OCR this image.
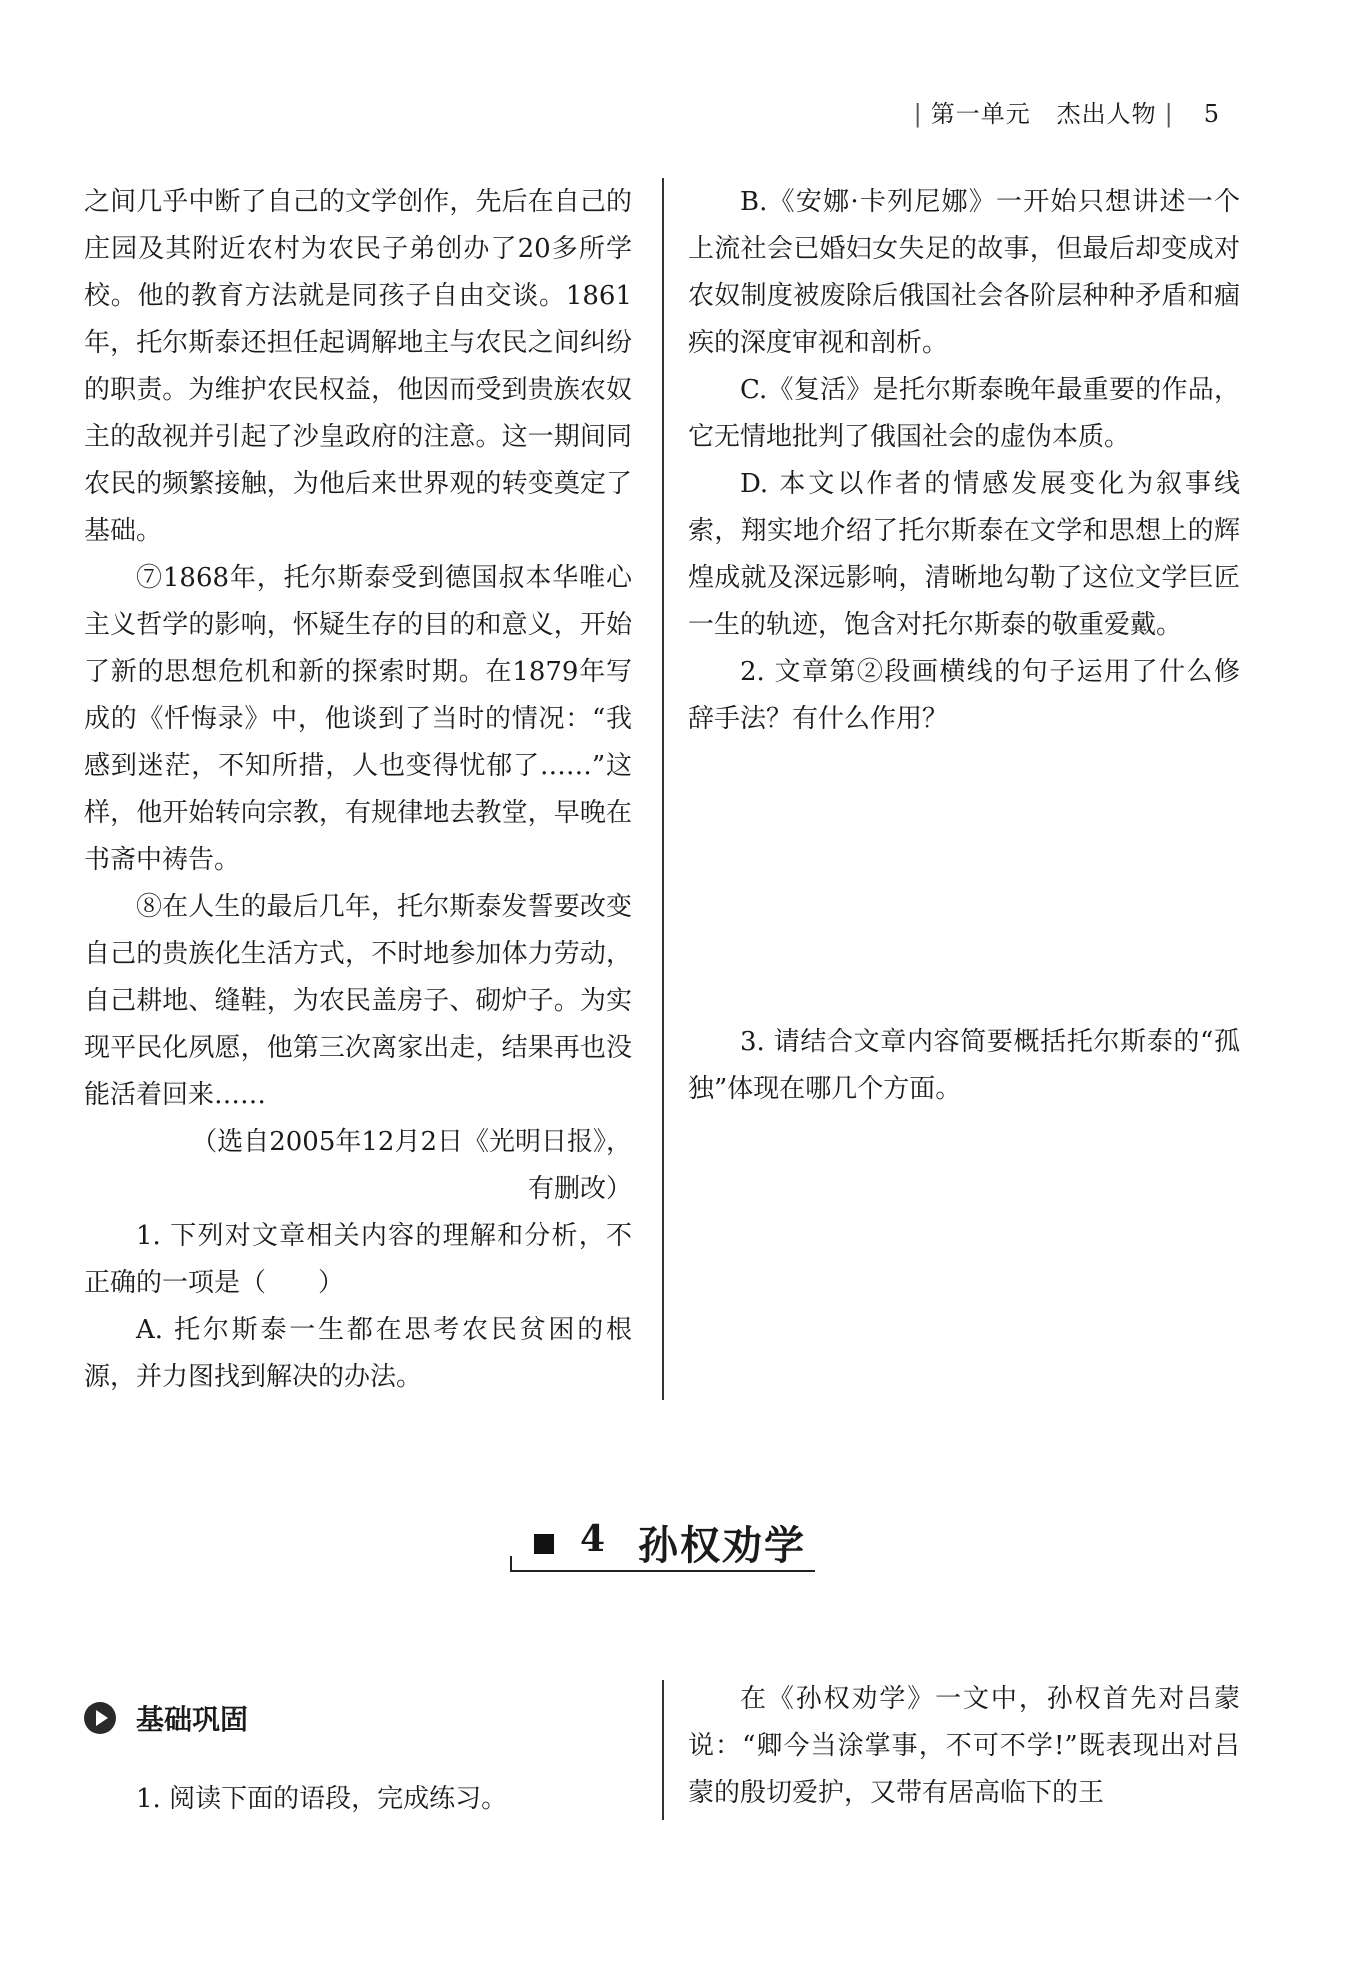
| 第一单元 杰出人物 | 5

之间几乎中断了自己的文学创作，先后在自己的庄园及其附近农村为农民子弟创办了20多所学校。他的教育方法就是同孩子自由交谈。1861年，托尔斯泰还担任起调解地主与农民之间纠纷的职责。为维护农民权益，他因而受到贵族农奴主的敌视并引起了沙皇政府的注意。这一期间同农民的频繁接触，为他后来世界观的转变奠定了基础。

⑦1868年，托尔斯泰受到德国叔本华唯心主义哲学的影响，怀疑生存的目的和意义，开始了新的思想危机和新的探索时期。在1879年写成的《忏悔录》中，他谈到了当时的情况：“我感到迷茫，不知所措，人也变得忧郁了……”这样，他开始转向宗教，有规律地去教堂，早晚在书斋中祷告。

⑧在人生的最后几年，托尔斯泰发誓要改变自己的贵族化生活方式，不时地参加体力劳动，自己耕地、缝鞋，为农民盖房子、砌炉子。为实现平民化夙愿，他第三次离家出走，结果再也没能活着回来……

（选自2005年12月2日《光明日报》，

有删改）

1. 下列对文章相关内容的理解和分析，不正确的一项是（　　）

A. 托尔斯泰一生都在思考农民贫困的根源，并力图找到解决的办法。

B.《安娜·卡列尼娜》一开始只想讲述一个上流社会已婚妇女失足的故事，但最后却变成对农奴制度被废除后俄国社会各阶层种种矛盾和痼疾的深度审视和剖析。

C.《复活》是托尔斯泰晚年最重要的作品，它无情地批判了俄国社会的虚伪本质。

D. 本文以作者的情感发展变化为叙事线索，翔实地介绍了托尔斯泰在文学和思想上的辉煌成就及深远影响，清晰地勾勒了这位文学巨匠一生的轨迹，饱含对托尔斯泰的敬重爱戴。

2. 文章第②段画横线的句子运用了什么修辞手法？有什么作用？

3. 请结合文章内容简要概括托尔斯泰的“孤独”体现在哪几个方面。

4 孙权劝学
基础巩固

1. 阅读下面的语段，完成练习。

在《孙权劝学》一文中，孙权首先对吕蒙说：“卿今当涂掌事，不可不学!”既表现出对吕蒙的殷切爱护，又带有居高临下的王
